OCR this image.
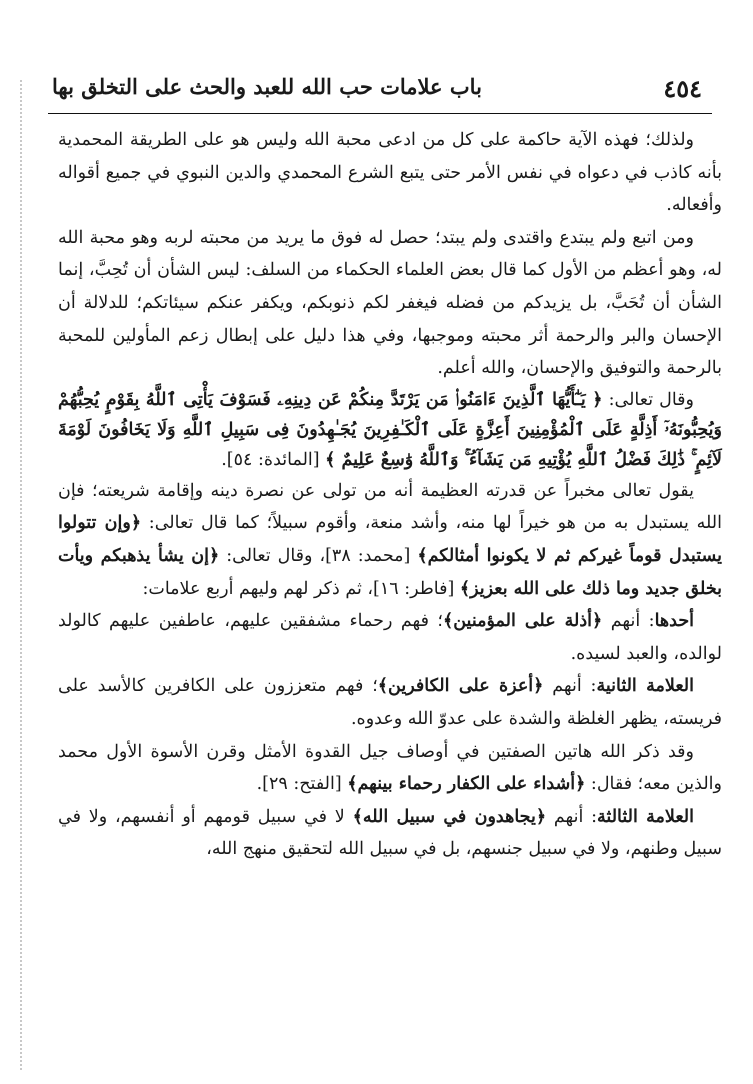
٤٥٤
باب علامات حب الله للعبد والحث على التخلق بها

ولذلك؛ فهذه الآية حاكمة على كل من ادعى محبة الله وليس هو على الطريقة المحمدية بأنه كاذب في دعواه في نفس الأمر حتى يتبع الشرع المحمدي والدين النبوي في جميع أقواله وأفعاله.

ومن اتبع ولم يبتدع واقتدى ولم يبتد؛ حصل له فوق ما يريد من محبته لربه وهو محبة الله له، وهو أعظم من الأول كما قال بعض العلماء الحكماء من السلف: ليس الشأن أن تُحِبَّ، إنما الشأن أن تُحَبَّ، بل يزيدكم من فضله فيغفر لكم ذنوبكم، ويكفر عنكم سيئاتكم؛ للدلالة أن الإحسان والبر والرحمة أثر محبته وموجبها، وفي هذا دليل على إبطال زعم المأولين للمحبة بالرحمة والتوفيق والإحسان، والله أعلم.

وقال تعالى: ﴿ يَـٰٓأَيُّهَا ٱلَّذِينَ ءَامَنُوا۟ مَن يَرْتَدَّ مِنكُمْ عَن دِينِهِۦ فَسَوْفَ يَأْتِى ٱللَّهُ بِقَوْمٍ يُحِبُّهُمْ وَيُحِبُّونَهُۥٓ أَذِلَّةٍ عَلَى ٱلْمُؤْمِنِينَ أَعِزَّةٍ عَلَى ٱلْكَـٰفِرِينَ يُجَـٰهِدُونَ فِى سَبِيلِ ٱللَّهِ وَلَا يَخَافُونَ لَوْمَةَ لَآئِمٍ ۚ ذَٰلِكَ فَضْلُ ٱللَّهِ يُؤْتِيهِ مَن يَشَآءُ ۚ وَٱللَّهُ وَٰسِعٌ عَلِيمٌ ﴾ [المائدة: ٥٤].

يقول تعالى مخبراً عن قدرته العظيمة أنه من تولى عن نصرة دينه وإقامة شريعته؛ فإن الله يستبدل به من هو خيراً لها منه، وأشد منعة، وأقوم سبيلاً؛ كما قال تعالى: ﴿وإن تتولوا يستبدل قوماً غيركم ثم لا يكونوا أمثالكم﴾ [محمد: ٣٨]، وقال تعالى: ﴿إن يشأ يذهبكم ويأت بخلق جديد وما ذلك على الله بعزيز﴾ [فاطر: ١٦]، ثم ذكر لهم وليهم أربع علامات:

أحدها: أنهم ﴿أذلة على المؤمنين﴾؛ فهم رحماء مشفقين عليهم، عاطفين عليهم كالولد لوالده، والعبد لسيده.

العلامة الثانية: أنهم ﴿أعزة على الكافرين﴾؛ فهم متعززون على الكافرين كالأسد على فريسته، يظهر الغلظة والشدة على عدوّ الله وعدوه.

وقد ذكر الله هاتين الصفتين في أوصاف جيل القدوة الأمثل وقرن الأسوة الأول محمد والذين معه؛ فقال: ﴿أشداء على الكفار رحماء بينهم﴾ [الفتح: ٢٩].

العلامة الثالثة: أنهم ﴿يجاهدون في سبيل الله﴾ لا في سبيل قومهم أو أنفسهم، ولا في سبيل وطنهم، ولا في سبيل جنسهم، بل في سبيل الله لتحقيق منهج الله،
